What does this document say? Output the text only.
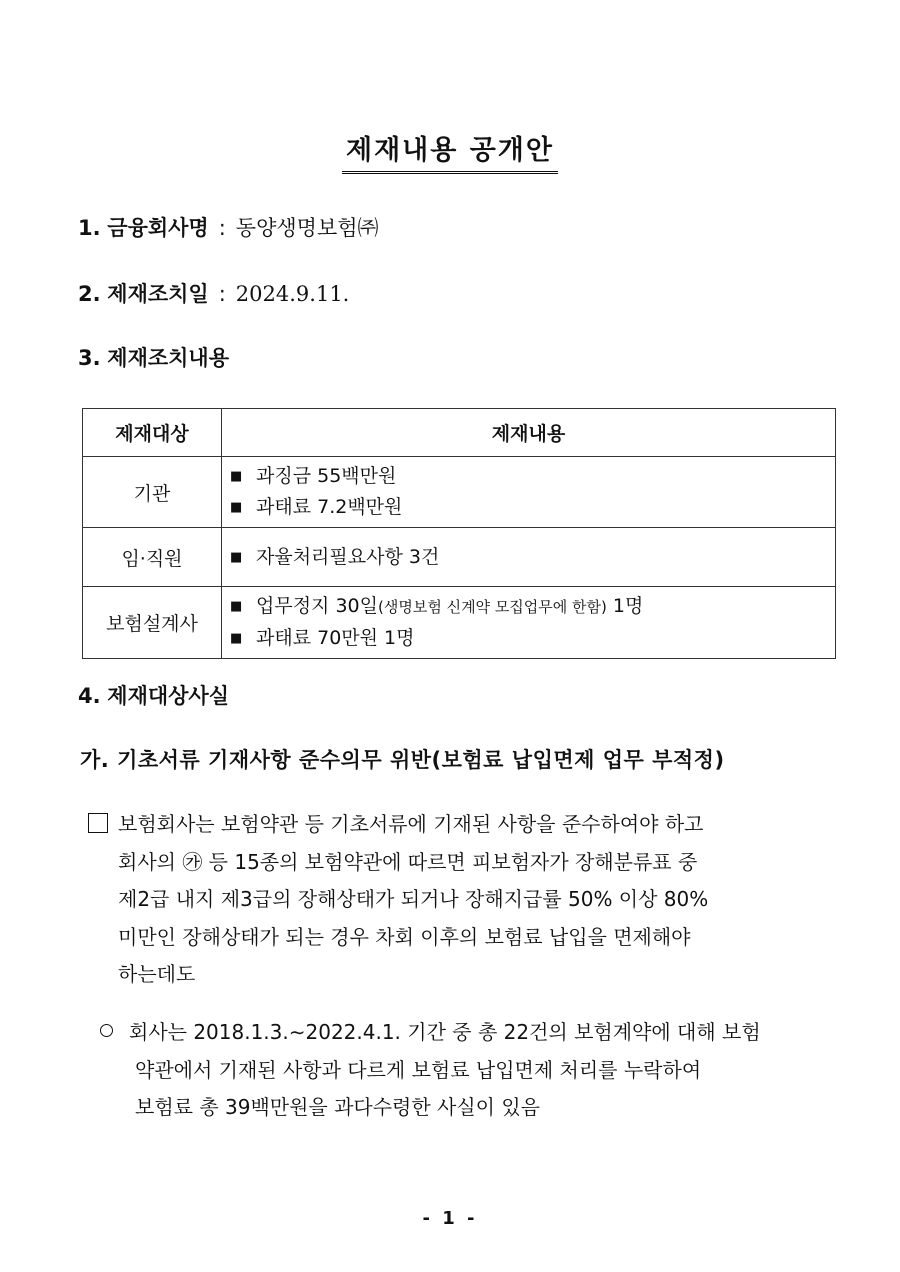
제재내용 공개안
1. 금융회사명 : 동양생명보험㈜
2. 제재조치일 : 2024.9.11.
3. 제재조치내용
제재대상	제재내용
기관	■ 과징금 55백만원
■ 과태료 7.2백만원

임·직원	■ 자율처리필요사항 3건

보험설계사	■ 업무정지 30일(생명보험 신계약 모집업무에 한함) 1명
■ 과태료 70만원 1명
4. 제재대상사실
가. 기초서류 기재사항 준수의무 위반(보험료 납입면제 업무 부적정)
보험회사는 보험약관 등 기초서류에 기재된 사항을 준수하여야 하고
회사의 ㉮ 등 15종의 보험약관에 따르면 피보험자가 장해분류표 중
제2급 내지 제3급의 장해상태가 되거나 장해지급률 50% 이상 80%
미만인 장해상태가 되는 경우 차회 이후의 보험료 납입을 면제해야
하는데도
회사는 2018.1.3.∼2022.4.1. 기간 중 총 22건의 보험계약에 대해 보험
약관에서 기재된 사항과 다르게 보험료 납입면제 처리를 누락하여
보험료 총 39백만원을 과다수령한 사실이 있음
- 1 -
